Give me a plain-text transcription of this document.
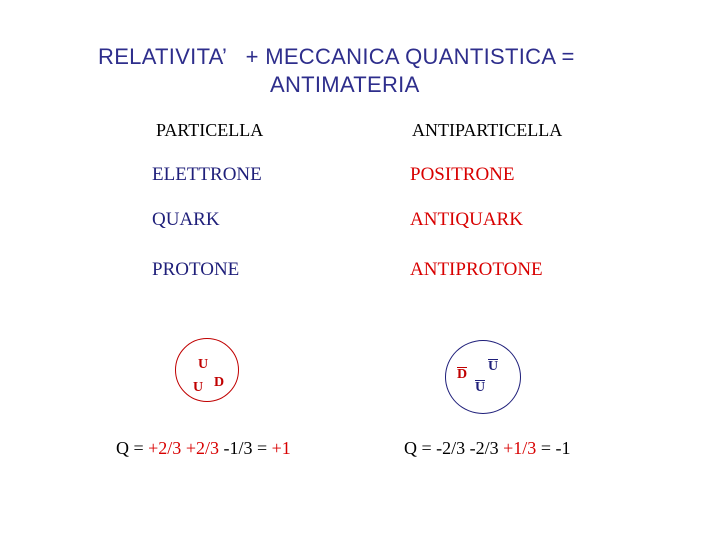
RELATIVITA’   + MECCANICA QUANTISTICA =
ANTIMATERIA
PARTICELLA	ANTIPARTICELLA
ELETTRONE	POSITRONE
QUARK	ANTIQUARK
PROTONE	ANTIPROTONE
U
U D
D
U
U
Q = +2/3 +2/3 -1/3 = +1	Q = -2/3 -2/3 +1/3 = -1
